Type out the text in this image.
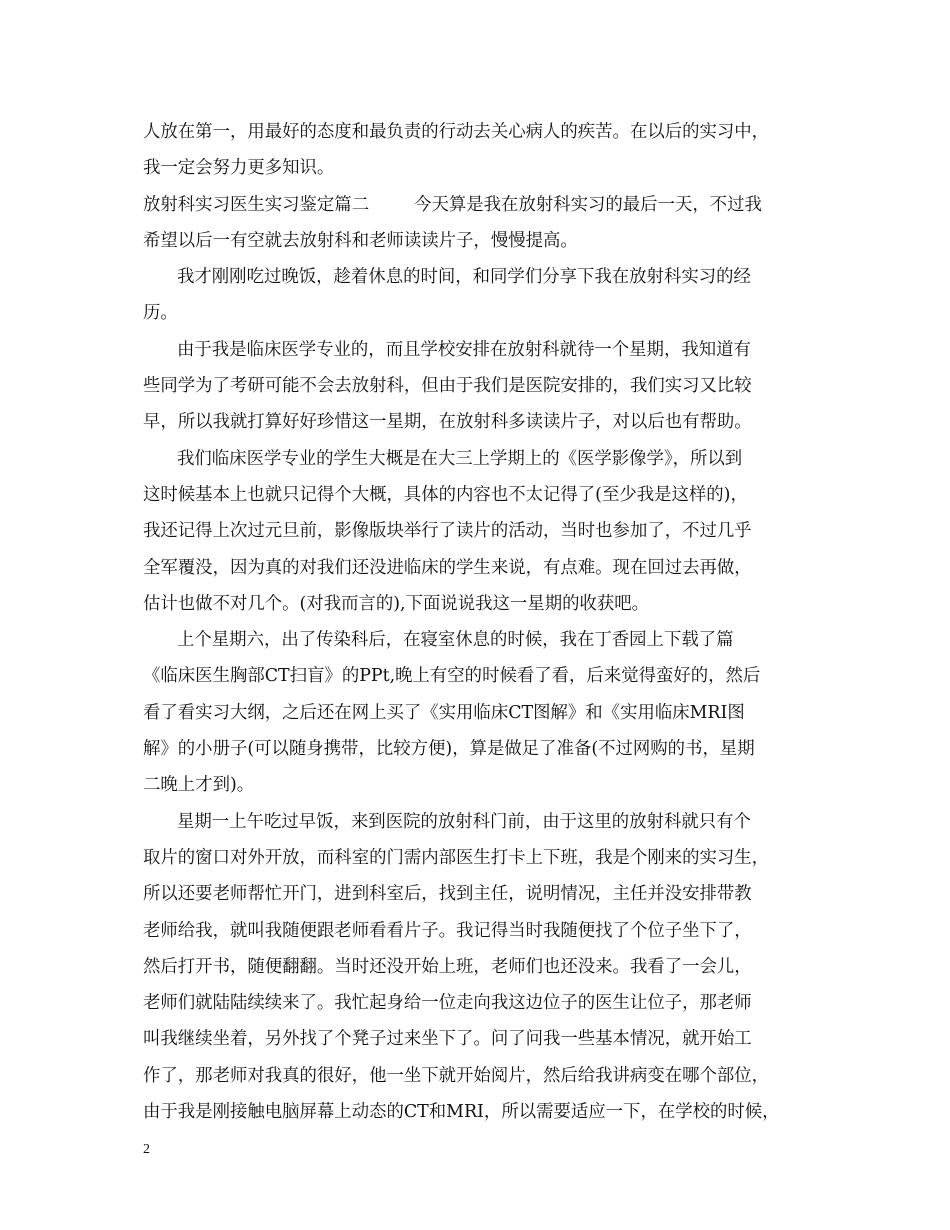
人放在第一，用最好的态度和最负责的行动去关心病人的疾苦。在以后的实习中，
我一定会努力更多知识。
放射科实习医生实习鉴定篇二	今天算是我在放射科实习的最后一天，不过我
希望以后一有空就去放射科和老师读读片子，慢慢提高。
我才刚刚吃过晚饭，趁着休息的时间，和同学们分享下我在放射科实习的经
历。
由于我是临床医学专业的，而且学校安排在放射科就待一个星期，我知道有
些同学为了考研可能不会去放射科，但由于我们是医院安排的，我们实习又比较
早，所以我就打算好好珍惜这一星期，在放射科多读读片子，对以后也有帮助。
我们临床医学专业的学生大概是在大三上学期上的《医学影像学》，所以到
这时候基本上也就只记得个大概，具体的内容也不太记得了(至少我是这样的)，
我还记得上次过元旦前，影像版块举行了读片的活动，当时也参加了，不过几乎
全军覆没，因为真的对我们还没进临床的学生来说，有点难。现在回过去再做，
估计也做不对几个。(对我而言的),下面说说我这一星期的收获吧。
上个星期六，出了传染科后，在寝室休息的时候，我在丁香园上下载了篇
《临床医生胸部CT扫盲》的PPt,晚上有空的时候看了看，后来觉得蛮好的，然后
看了看实习大纲，之后还在网上买了《实用临床CT图解》和《实用临床MRI图
解》的小册子(可以随身携带，比较方便)，算是做足了准备(不过网购的书，星期
二晚上才到)。
星期一上午吃过早饭，来到医院的放射科门前，由于这里的放射科就只有个
取片的窗口对外开放，而科室的门需内部医生打卡上下班，我是个刚来的实习生，
所以还要老师帮忙开门，进到科室后，找到主任，说明情况，主任并没安排带教
老师给我，就叫我随便跟老师看看片子。我记得当时我随便找了个位子坐下了，
然后打开书，随便翻翻。当时还没开始上班，老师们也还没来。我看了一会儿，
老师们就陆陆续续来了。我忙起身给一位走向我这边位子的医生让位子，那老师
叫我继续坐着，另外找了个凳子过来坐下了。问了问我一些基本情况，就开始工
作了，那老师对我真的很好，他一坐下就开始阅片，然后给我讲病变在哪个部位，
由于我是刚接触电脑屏幕上动态的CT和MRI，所以需要适应一下，在学校的时候，
2
